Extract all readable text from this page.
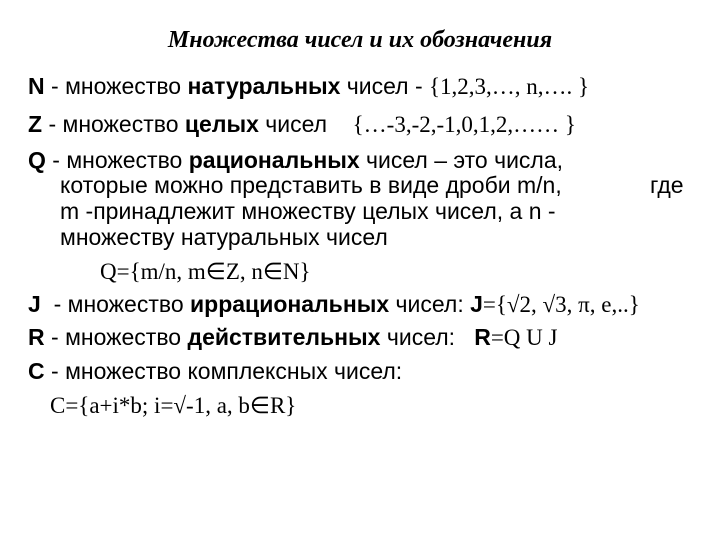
Множества чисел и их обозначения
N - множество натуральных чисел - {1,2,3,…, n,…. }
Z - множество целых чисел    {…-3,-2,-1,0,1,2,…… }
Q - множество рациональных чисел – это числа,
которые можно представить в виде дроби m/n,	где
m -принадлежит множеству целых чисел, а n -
множеству натуральных чисел
Q={m/n, m∈Z, n∈N}
J  - множество иррациональных чисел: J={√2, √3, π, e,..}
R - множество действительных чисел:   R=Q U J
C - множество комплексных чисел:
C={a+i*b; i=√-1, a, b∈R}
